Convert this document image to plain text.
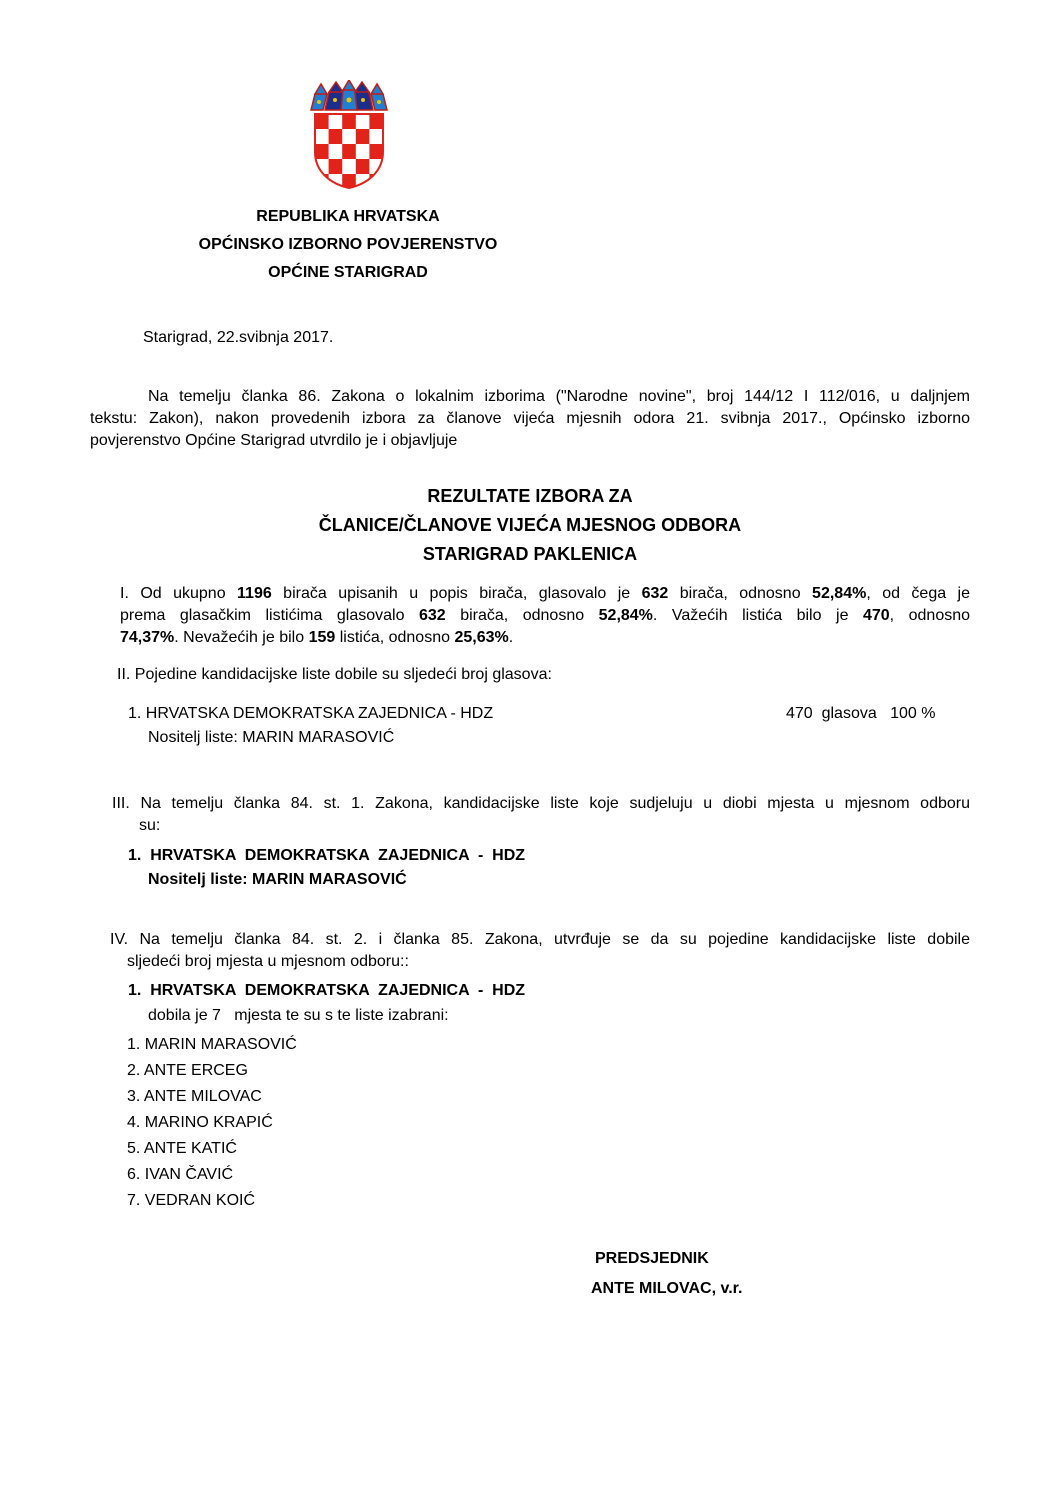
REPUBLIKA HRVATSKA
OPĆINSKO IZBORNO POVJERENSTVO
OPĆINE STARIGRAD
Starigrad, 22.svibnja 2017.
Na temelju članka 86. Zakona o lokalnim izborima ("Narodne novine", broj 144/12 I 112/016, u daljnjem
tekstu: Zakon), nakon provedenih izbora za članove vijeća mjesnih odora 21. svibnja 2017., Općinsko izborno
povjerenstvo Općine Starigrad utvrdilo je i objavljuje
REZULTATE IZBORA ZA
ČLANICE/ČLANOVE VIJEĆA MJESNOG ODBORA
STARIGRAD PAKLENICA
I. Od ukupno 1196 birača upisanih u popis birača, glasovalo je 632 birača, odnosno 52,84%, od čega je
prema glasačkim listićima glasovalo 632 birača, odnosno 52,84%. Važećih listića bilo je 470, odnosno
74,37%. Nevažećih je bilo 159 listića, odnosno 25,63%.
II. Pojedine kandidacijske liste dobile su sljedeći broj glasova:
1. HRVATSKA DEMOKRATSKA ZAJEDNICA - HDZ	470  glasova   100 %
Nositelj liste: MARIN MARASOVIĆ
III. Na temelju članka 84. st. 1. Zakona, kandidacijske liste koje sudjeluju u diobi mjesta u mjesnom odboru
su:
1.  HRVATSKA  DEMOKRATSKA  ZAJEDNICA  -  HDZ
Nositelj liste: MARIN MARASOVIĆ
IV. Na temelju članka 84. st. 2. i članka 85. Zakona, utvrđuje se da su pojedine kandidacijske liste dobile
sljedeći broj mjesta u mjesnom odboru::
1.  HRVATSKA  DEMOKRATSKA  ZAJEDNICA  -  HDZ
dobila je 7   mjesta te su s te liste izabrani:
1. MARIN MARASOVIĆ
2. ANTE ERCEG
3. ANTE MILOVAC
4. MARINO KRAPIĆ
5. ANTE KATIĆ
6. IVAN ČAVIĆ
7. VEDRAN KOIĆ
PREDSJEDNIK
ANTE MILOVAC, v.r.
